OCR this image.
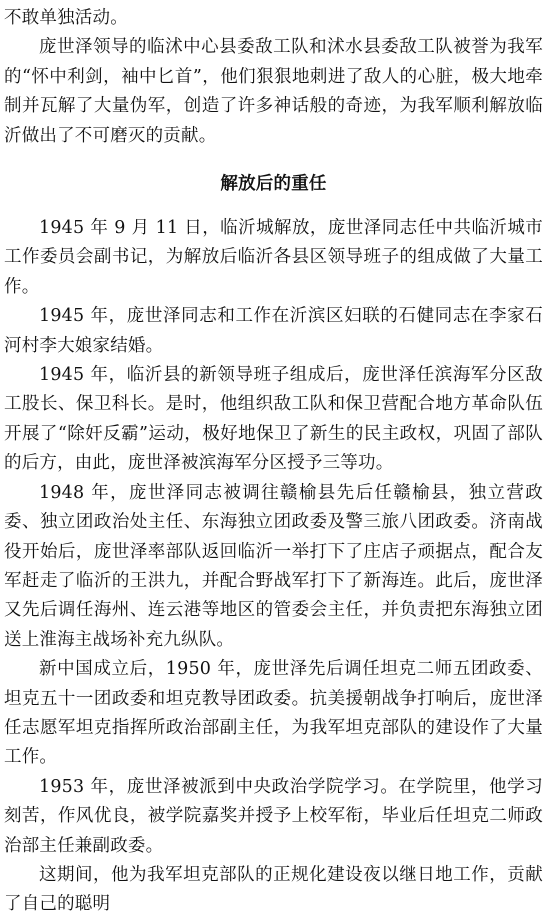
不敢单独活动。

庞世泽领导的临沭中心县委敌工队和沭水县委敌工队被誉为我军的“怀中利剑，袖中匕首”，他们狠狠地刺进了敌人的心脏，极大地牵制并瓦解了大量伪军，创造了许多神话般的奇迹，为我军顺利解放临沂做出了不可磨灭的贡献。

解放后的重任

1945 年 9 月 11 日，临沂城解放，庞世泽同志任中共临沂城市工作委员会副书记，为解放后临沂各县区领导班子的组成做了大量工作。

1945 年，庞世泽同志和工作在沂滨区妇联的石健同志在李家石河村李大娘家结婚。

1945 年，临沂县的新领导班子组成后，庞世泽任滨海军分区敌工股长、保卫科长。是时，他组织敌工队和保卫营配合地方革命队伍开展了“除奸反霸”运动，极好地保卫了新生的民主政权，巩固了部队的后方，由此，庞世泽被滨海军分区授予三等功。

1948 年，庞世泽同志被调往赣榆县先后任赣榆县，独立营政委、独立团政治处主任、东海独立团政委及警三旅八团政委。济南战役开始后，庞世泽率部队返回临沂一举打下了庄店子顽据点，配合友军赶走了临沂的王洪九，并配合野战军打下了新海连。此后，庞世泽又先后调任海州、连云港等地区的管委会主任，并负责把东海独立团送上淮海主战场补充九纵队。

新中国成立后，1950 年，庞世泽先后调任坦克二师五团政委、坦克五十一团政委和坦克教导团政委。抗美援朝战争打响后，庞世泽任志愿军坦克指挥所政治部副主任，为我军坦克部队的建设作了大量工作。

1953 年，庞世泽被派到中央政治学院学习。在学院里，他学习刻苦，作风优良，被学院嘉奖并授予上校军衔，毕业后任坦克二师政治部主任兼副政委。

这期间，他为我军坦克部队的正规化建设夜以继日地工作，贡献了自己的聪明
